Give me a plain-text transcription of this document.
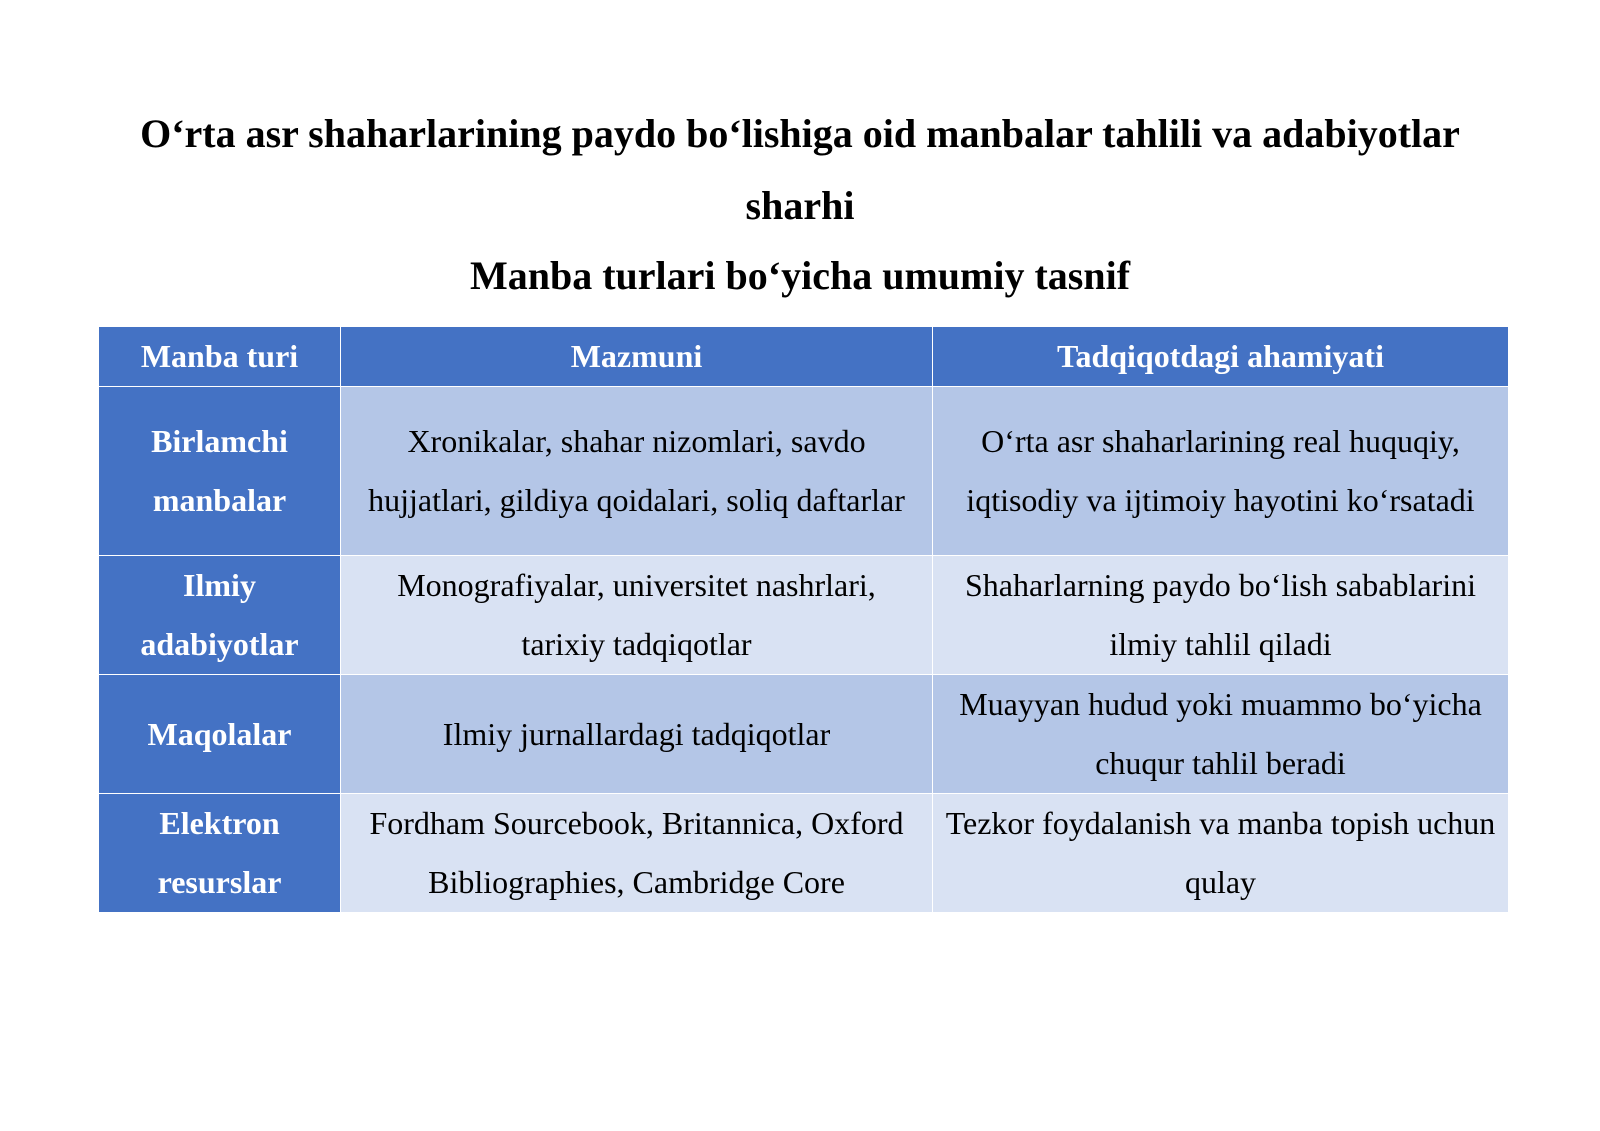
O‘rta asr shaharlarining paydo bo‘lishiga oid manbalar tahlili va adabiyotlar
sharhi
Manba turlari bo‘yicha umumiy tasnif
Manba turi	Mazmuni	Tadqiqotdagi ahamiyati
Birlamchi manbalar	Xronikalar, shahar nizomlari, savdo hujjatlari, gildiya qoidalari, soliq daftarlar	O‘rta asr shaharlarining real huquqiy, iqtisodiy va ijtimoiy hayotini ko‘rsatadi
Ilmiy adabiyotlar	Monografiyalar, universitet nashrlari, tarixiy tadqiqotlar	Shaharlarning paydo bo‘lish sabablarini ilmiy tahlil qiladi
Maqolalar	Ilmiy jurnallardagi tadqiqotlar	Muayyan hudud yoki muammo bo‘yicha chuqur tahlil beradi
Elektron resurslar	Fordham Sourcebook, Britannica, Oxford Bibliographies, Cambridge Core	Tezkor foydalanish va manba topish uchun qulay
